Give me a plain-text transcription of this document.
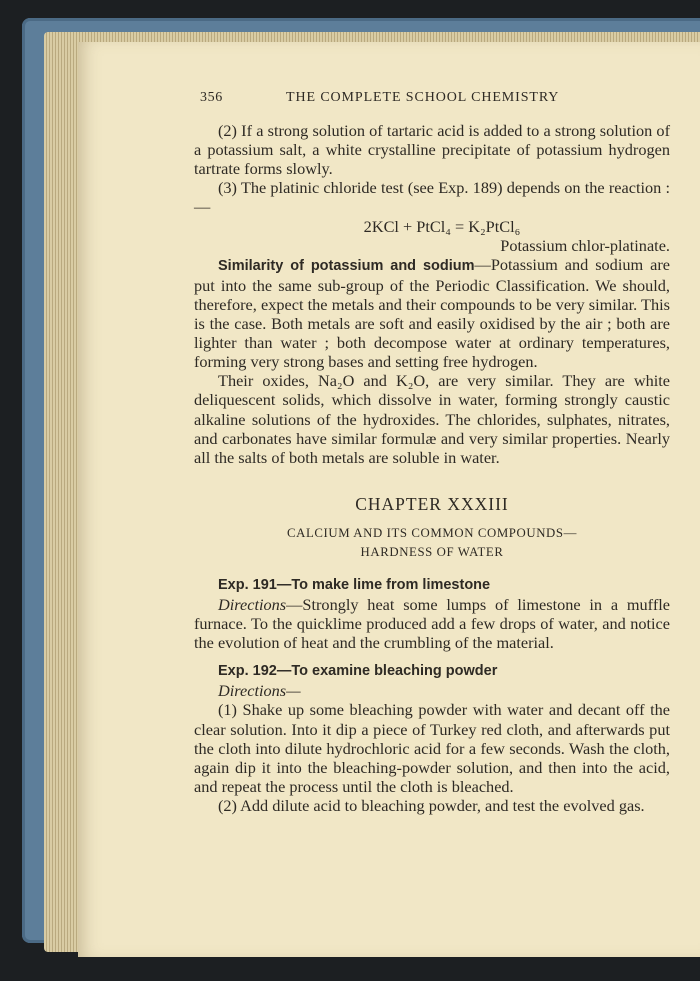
356	THE COMPLETE SCHOOL CHEMISTRY

(2) If a strong solution of tartaric acid is added to a strong solution of a potassium salt, a white crystalline precipitate of potassium hydrogen tartrate forms slowly.

(3) The platinic chloride test (see Exp. 189) depends on the reaction :—

2KCl + PtCl₄ = K₂PtCl₆
Potassium chlor-platinate.

Similarity of potassium and sodium—Potassium and sodium are put into the same sub-group of the Periodic Classification. We should, therefore, expect the metals and their compounds to be very similar. This is the case. Both metals are soft and easily oxidised by the air ; both are lighter than water ; both decompose water at ordinary temperatures, forming very strong bases and setting free hydrogen.

Their oxides, Na₂O and K₂O, are very similar. They are white deliquescent solids, which dissolve in water, forming strongly caustic alkaline solutions of the hydroxides. The chlorides, sulphates, nitrates, and carbonates have similar formulæ and very similar properties. Nearly all the salts of both metals are soluble in water.

CHAPTER XXXIII
CALCIUM AND ITS COMMON COMPOUNDS—
HARDNESS OF WATER
Exp. 191—To make lime from limestone

Directions—Strongly heat some lumps of limestone in a muffle furnace. To the quicklime produced add a few drops of water, and notice the evolution of heat and the crumbling of the material.

Exp. 192—To examine bleaching powder
Directions—

(1) Shake up some bleaching powder with water and decant off the clear solution. Into it dip a piece of Turkey red cloth, and afterwards put the cloth into dilute hydrochloric acid for a few seconds. Wash the cloth, again dip it into the bleaching-powder solution, and then into the acid, and repeat the process until the cloth is bleached.

(2) Add dilute acid to bleaching powder, and test the evolved gas.
